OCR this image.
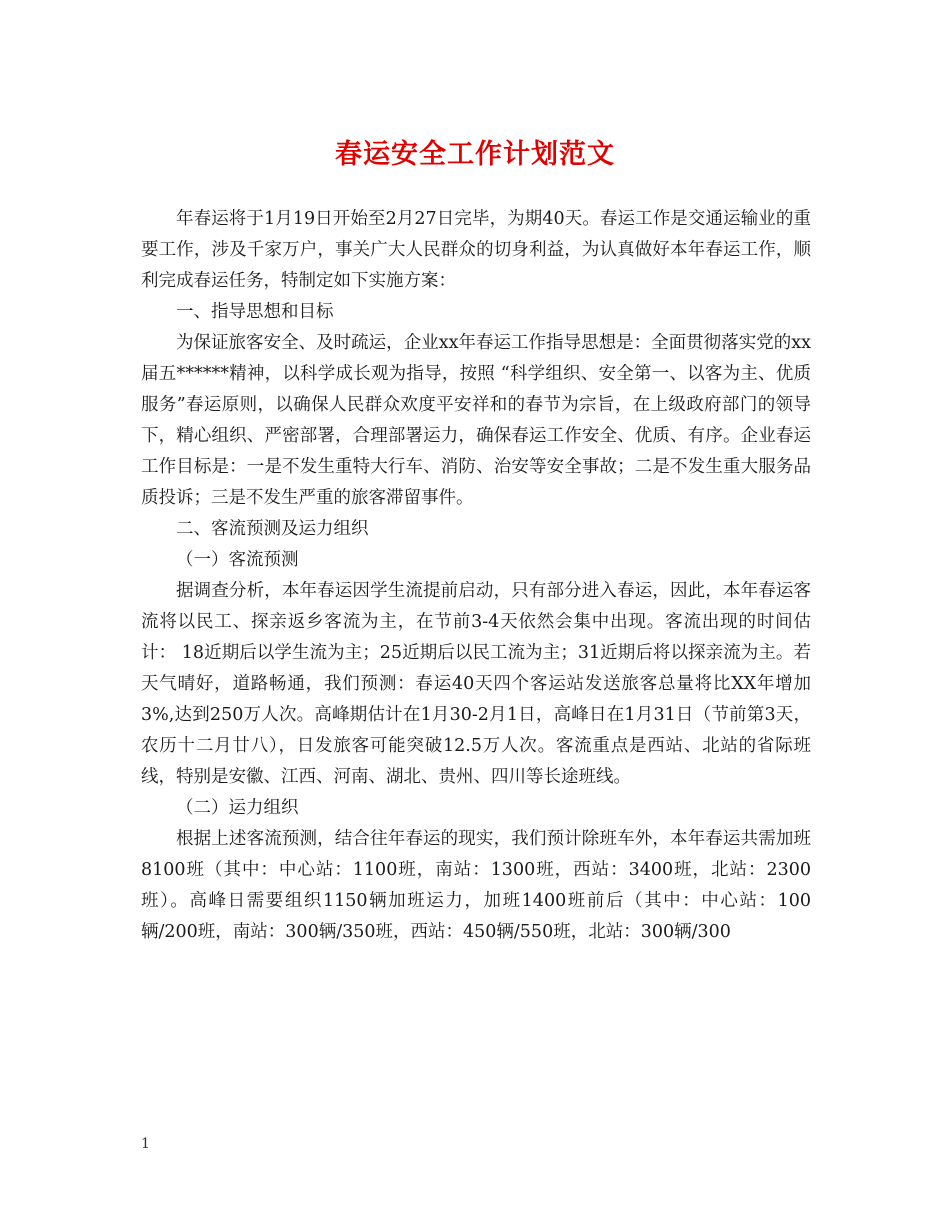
春运安全工作计划范文

年春运将于1月19日开始至2月27日完毕，为期40天。春运工作是交通运输业的重要工作，涉及千家万户，事关广大人民群众的切身利益，为认真做好本年春运工作，顺利完成春运任务，特制定如下实施方案：

一、指导思想和目标

为保证旅客安全、及时疏运，企业xx年春运工作指导思想是：全面贯彻落实党的xx届五******精神，以科学成长观为指导，按照 “科学组织、安全第一、以客为主、优质服务”春运原则，以确保人民群众欢度平安祥和的春节为宗旨，在上级政府部门的领导下，精心组织、严密部署，合理部署运力，确保春运工作安全、优质、有序。企业春运工作目标是：一是不发生重特大行车、消防、治安等安全事故；二是不发生重大服务品质投诉；三是不发生严重的旅客滞留事件。

二、客流预测及运力组织

（一）客流预测

据调查分析，本年春运因学生流提前启动，只有部分进入春运，因此，本年春运客流将以民工、探亲返乡客流为主，在节前3-4天依然会集中出现。客流出现的时间估计： 18近期后以学生流为主；25近期后以民工流为主；31近期后将以探亲流为主。若天气晴好，道路畅通，我们预测：春运40天四个客运站发送旅客总量将比XX年增加3%,达到250万人次。高峰期估计在1月30-2月1日，高峰日在1月31日（节前第3天，农历十二月廿八），日发旅客可能突破12.5万人次。客流重点是西站、北站的省际班线，特别是安徽、江西、河南、湖北、贵州、四川等长途班线。

（二）运力组织

根据上述客流预测，结合往年春运的现实，我们预计除班车外，本年春运共需加班8100班（其中：中心站：1100班，南站：1300班，西站：3400班，北站：2300班）。高峰日需要组织1150辆加班运力，加班1400班前后（其中：中心站：100辆/200班，南站：300辆/350班，西站：450辆/550班，北站：300辆/300

1
